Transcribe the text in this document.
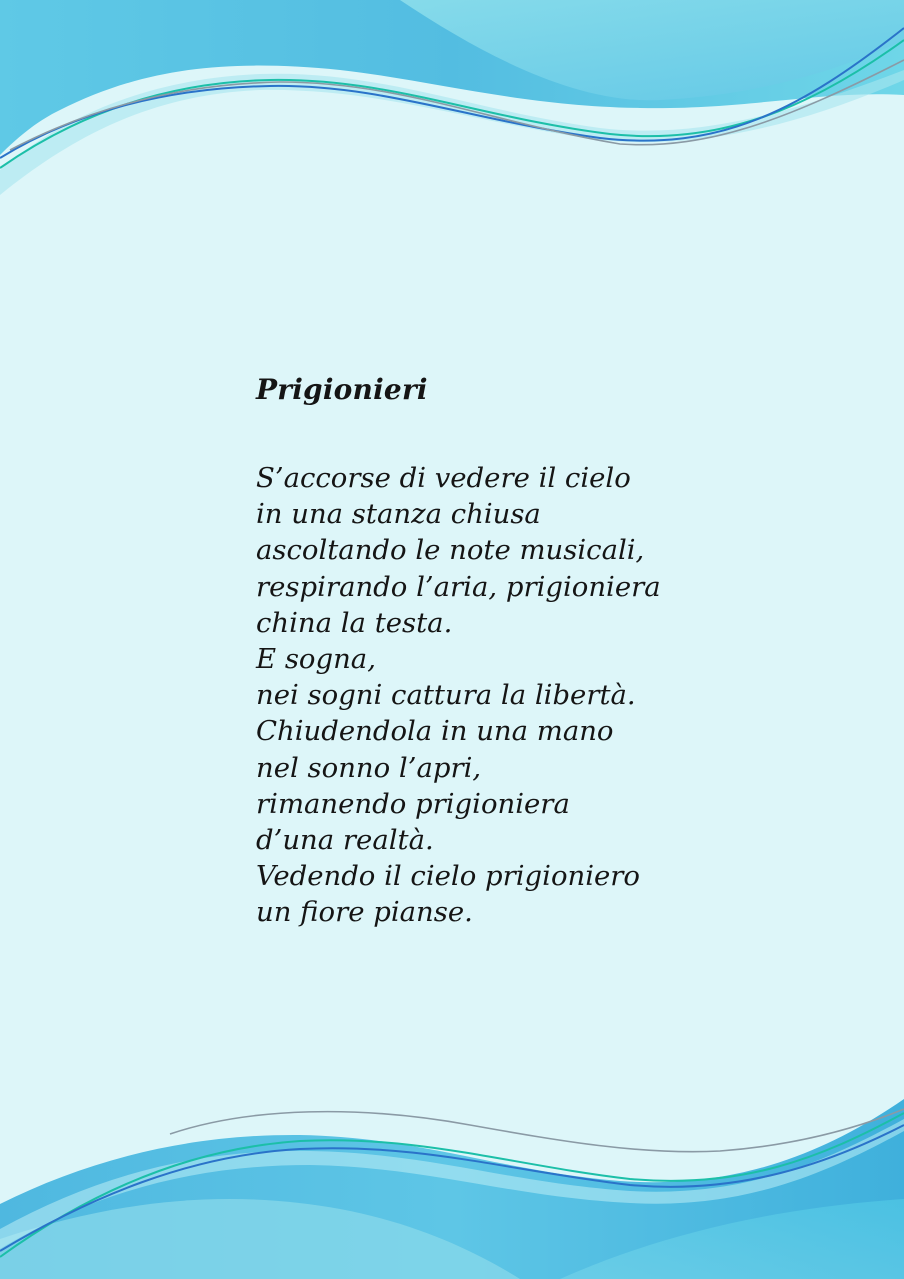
Prigionieri
S’accorse di vedere il cielo
in una stanza chiusa
ascoltando le note musicali,
respirando l’aria, prigioniera
china la testa.
E sogna,
nei sogni cattura la libertà.
Chiudendola in una mano
nel sonno l’apri,
rimanendo prigioniera
d’una realtà.
Vedendo il cielo prigioniero
un fiore pianse.
